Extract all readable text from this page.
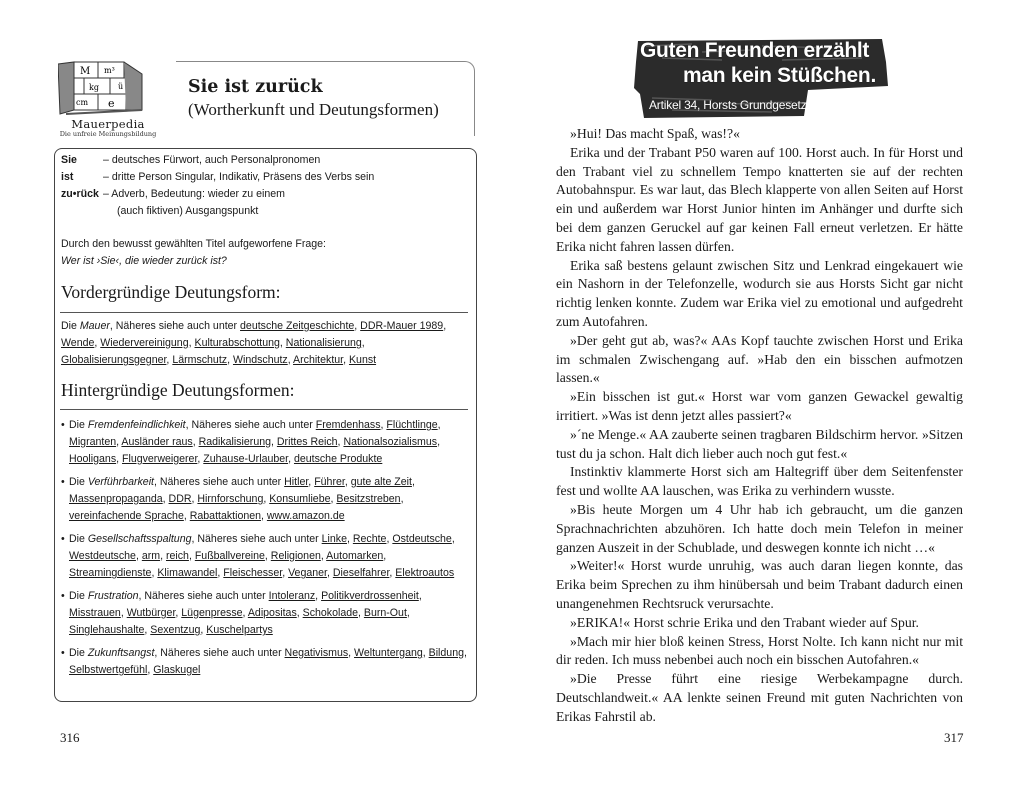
M m³
kg ü
cm e
Mauerpedia
Die unfreie Meinungsbildung
Sie ist zurück
(Wortherkunft und Deutungsformen)
Sie	– deutsches Fürwort, auch Personalpronomen
ist	– dritte Person Singular, Indikativ, Präsens des Verbs sein
zu•rück – Adverb, Bedeutung: wieder zu einem
(auch fiktiven) Ausgangspunkt
Durch den bewusst gewählten Titel aufgeworfene Frage:
Wer ist ›Sie‹, die wieder zurück ist?
Vordergründige Deutungsform:
Die Mauer, Näheres siehe auch unter deutsche Zeitgeschichte, DDR-Mauer 1989, Wende, Wiedervereinigung, Kulturabschottung, Nationalisierung, Globalisierungsgegner, Lärmschutz, Windschutz, Architektur, Kunst
Hintergründige Deutungsformen:
• Die Fremdenfeindlichkeit, Näheres siehe auch unter Fremdenhass, Flüchtlinge, Migranten, Ausländer raus, Radikalisierung, Drittes Reich, Nationalsozialismus, Hooligans, Flugverweigerer, Zuhause-Urlauber, deutsche Produkte
• Die Verführbarkeit, Näheres siehe auch unter Hitler, Führer, gute alte Zeit, Massenpropaganda, DDR, Hirnforschung, Konsumliebe, Besitzstreben, vereinfachende Sprache, Rabattaktionen, www.amazon.de
• Die Gesellschaftsspaltung, Näheres siehe auch unter Linke, Rechte, Ostdeutsche, Westdeutsche, arm, reich, Fußballvereine, Religionen, Automarken, Streamingdienste, Klimawandel, Fleischesser, Veganer, Dieselfahrer, Elektroautos
• Die Frustration, Näheres siehe auch unter Intoleranz, Politikverdrossenheit, Misstrauen, Wutbürger, Lügenpresse, Adipositas, Schokolade, Burn-Out, Singlehaushalte, Sexentzug, Kuschelpartys
• Die Zukunftsangst, Näheres siehe auch unter Negativismus, Weltuntergang, Bildung, Selbstwertgefühl, Glaskugel
316
Guten Freunden erzählt
man kein Stüßchen.
Artikel 34, Horsts Grundgesetz

»Hui! Das macht Spaß, was!?«

Erika und der Trabant P50 waren auf 100. Horst auch. In für Horst und den Trabant viel zu schnellem Tempo knatterten sie auf der rechten Autobahnspur. Es war laut, das Blech klapperte von allen Seiten auf Horst ein und außerdem war Horst Junior hinten im Anhänger und durfte sich bei dem ganzen Geruckel auf gar keinen Fall erneut verletzen. Er hätte Erika nicht fahren lassen dürfen.

Erika saß bestens gelaunt zwischen Sitz und Lenkrad eingekauert wie ein Nashorn in der Telefonzelle, wodurch sie aus Horsts Sicht gar nicht richtig lenken konnte. Zudem war Erika viel zu emotional und aufgedreht zum Autofahren.

»Der geht gut ab, was?« AAs Kopf tauchte zwischen Horst und Erika im schmalen Zwischengang auf. »Hab den ein bisschen aufmotzen lassen.«

»Ein bisschen ist gut.« Horst war vom ganzen Gewackel gewaltig irritiert. »Was ist denn jetzt alles passiert?«

»´ne Menge.« AA zauberte seinen tragbaren Bildschirm hervor. »Sitzen tust du ja schon. Halt dich lieber auch noch gut fest.«

Instinktiv klammerte Horst sich am Haltegriff über dem Seitenfenster fest und wollte AA lauschen, was Erika zu verhindern wusste.

»Bis heute Morgen um 4 Uhr hab ich gebraucht, um die ganzen Sprachnachrichten abzuhören. Ich hatte doch mein Telefon in meiner ganzen Auszeit in der Schublade, und deswegen konnte ich nicht …«

»Weiter!« Horst wurde unruhig, was auch daran liegen konnte, das Erika beim Sprechen zu ihm hinübersah und beim Trabant dadurch einen unangenehmen Rechtsruck verursachte.

»ERIKA!« Horst schrie Erika und den Trabant wieder auf Spur.

»Mach mir hier bloß keinen Stress, Horst Nolte. Ich kann nicht nur mit dir reden. Ich muss nebenbei auch noch ein bisschen Autofahren.«

»Die Presse führt eine riesige Werbekampagne durch. Deutschlandweit.« AA lenkte seinen Freund mit guten Nachrichten von Erikas Fahrstil ab.

317
